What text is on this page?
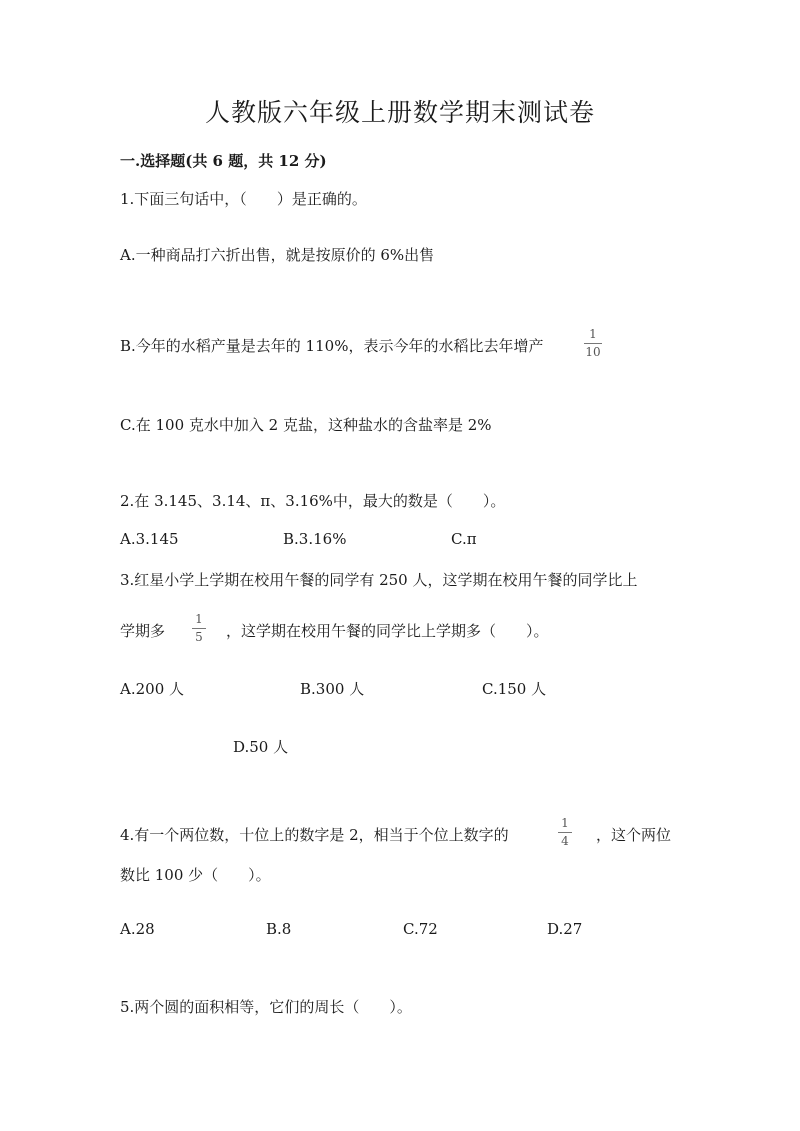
人教版六年级上册数学期末测试卷
一.选择题(共 6 题，共 12 分)
1.下面三句话中，（　　）是正确的。
A.一种商品打六折出售，就是按原价的 6%出售
B.今年的水稻产量是去年的 110%，表示今年的水稻比去年增产
1
10
C.在 100 克水中加入 2 克盐，这种盐水的含盐率是 2%
2.在 3.145、3.14、π、3.16%中，最大的数是（　　）。
A.3.145	B.3.16%	C.π
3.红星小学上学期在校用午餐的同学有 250 人，这学期在校用午餐的同学比上
学期多
1
5 ，这学期在校用午餐的同学比上学期多（　　）。
A.200 人	B.300 人	C.150 人
D.50 人
4.有一个两位数，十位上的数字是 2，相当于个位上数字的
1
4 ，这个两位
数比 100 少（　　）。
A.28	B.8	C.72	D.27
5.两个圆的面积相等，它们的周长（　　）。
